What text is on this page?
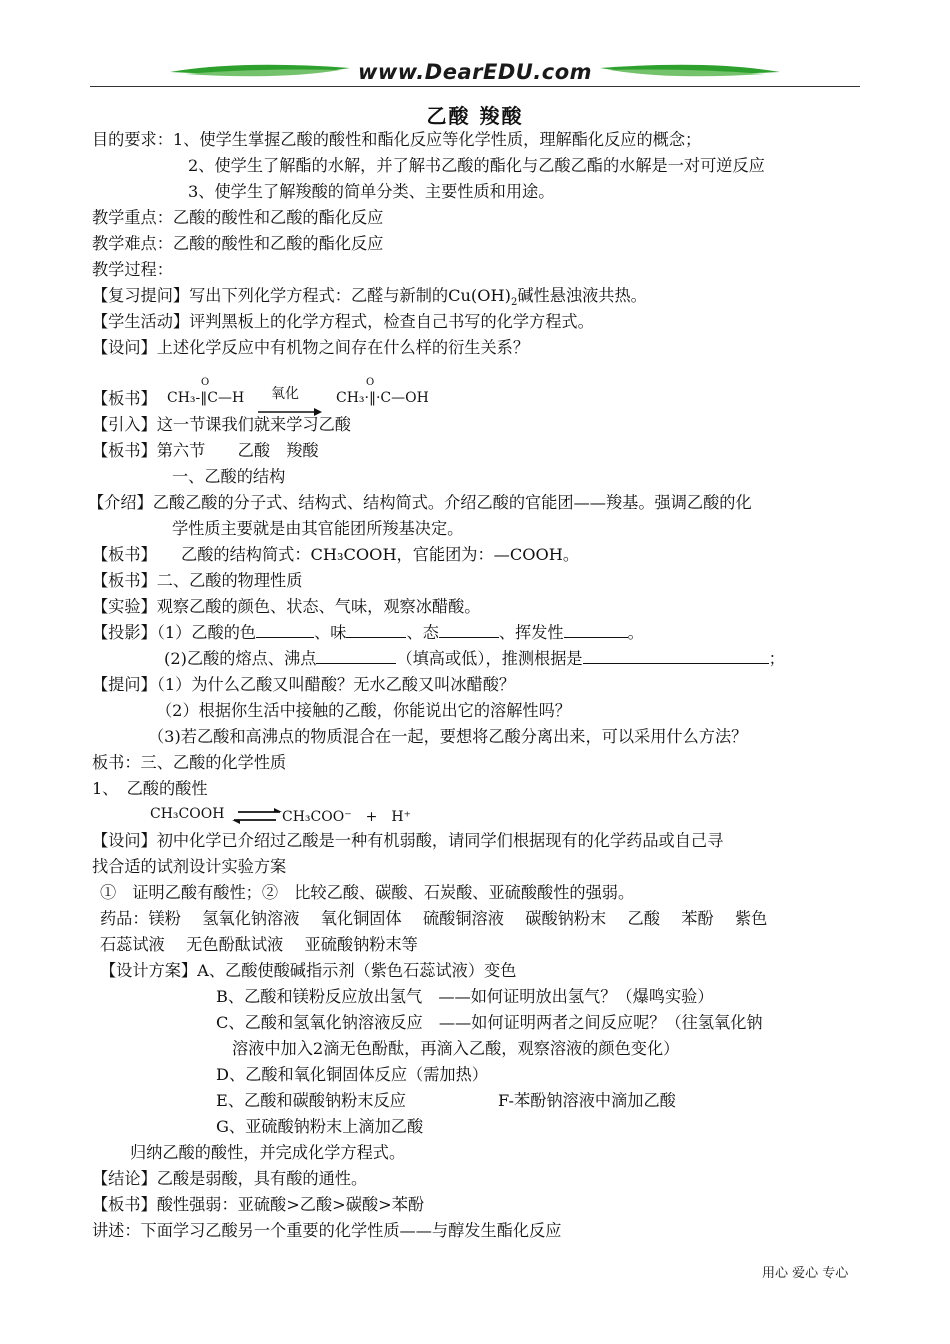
www.DearEDU.com
乙酸 羧酸
目的要求：1、使学生掌握乙酸的酸性和酯化反应等化学性质，理解酯化反应的概念；
2、使学生了解酯的水解，并了解书乙酸的酯化与乙酸乙酯的水解是一对可逆反应
3、使学生了解羧酸的简单分类、主要性质和用途。
教学重点：乙酸的酸性和乙酸的酯化反应
教学难点：乙酸的酸性和乙酸的酯化反应
教学过程：
【复习提问】写出下列化学方程式：乙醛与新制的$Cu(OH)_2$碱性悬浊液共热。
【学生活动】评判黑板上的化学方程式，检查自己书写的化学方程式。
【设问】上述化学反应中有机物之间存在什么样的衍生关系？
【板书】 CH₃-‖C—H
O
氧化	CH₃·‖·C—OH
O
【引入】这一节课我们就来学习乙酸
【板书】第六节　　乙酸　羧酸
一、乙酸的结构
【介绍】乙酸乙酸的分子式、结构式、结构简式。介绍乙酸的官能团——羧基。强调乙酸的化
学性质主要就是由其官能团所羧基决定。
【板书】　　乙酸的结构简式：CH₃COOH，官能团为：—COOH。
【板书】二、乙酸的物理性质
【实验】观察乙酸的颜色、状态、气味，观察冰醋酸。
【投影】（1）乙酸的色	、味	、态	、挥发性	。
(2)乙酸的熔点、沸点	（填高或低），推测根据是	；
【提问】（1）为什么乙酸又叫醋酸？无水乙酸又叫冰醋酸？
（2）根据你生活中接触的乙酸，你能说出它的溶解性吗？
（3)若乙酸和高沸点的物质混合在一起，要想将乙酸分离出来，可以采用什么方法？
板书：三、乙酸的化学性质
1、　乙酸的酸性
CH₃COOH ⇌ CH₃COO⁻　+　H⁺
【设问】初中化学已介绍过乙酸是一种有机弱酸，请同学们根据现有的化学药品或自己寻
找合适的试剂设计实验方案
①　证明乙酸有酸性；②　比较乙酸、碳酸、石炭酸、亚硫酸酸性的强弱。
药品：镁粉　 氢氧化钠溶液　 氧化铜固体　 硫酸铜溶液　 碳酸钠粉末　 乙酸　 苯酚　 紫色
石蕊试液　 无色酚酞试液　 亚硫酸钠粉末等
【设计方案】A、乙酸使酸碱指示剂（紫色石蕊试液）变色
B、乙酸和镁粉反应放出氢气　——如何证明放出氢气？（爆鸣实验）
C、乙酸和氢氧化钠溶液反应　——如何证明两者之间反应呢？（往氢氧化钠
溶液中加入2滴无色酚酞，再滴入乙酸，观察溶液的颜色变化）
D、乙酸和氧化铜固体反应（需加热）
E、乙酸和碳酸钠粉末反应	F-苯酚钠溶液中滴加乙酸
G、亚硫酸钠粉末上滴加乙酸
归纳乙酸的酸性，并完成化学方程式。
【结论】乙酸是弱酸，具有酸的通性。
【板书】酸性强弱：亚硫酸>乙酸>碳酸>苯酚
讲述：下面学习乙酸另一个重要的化学性质——与醇发生酯化反应
用心 爱心 专心
